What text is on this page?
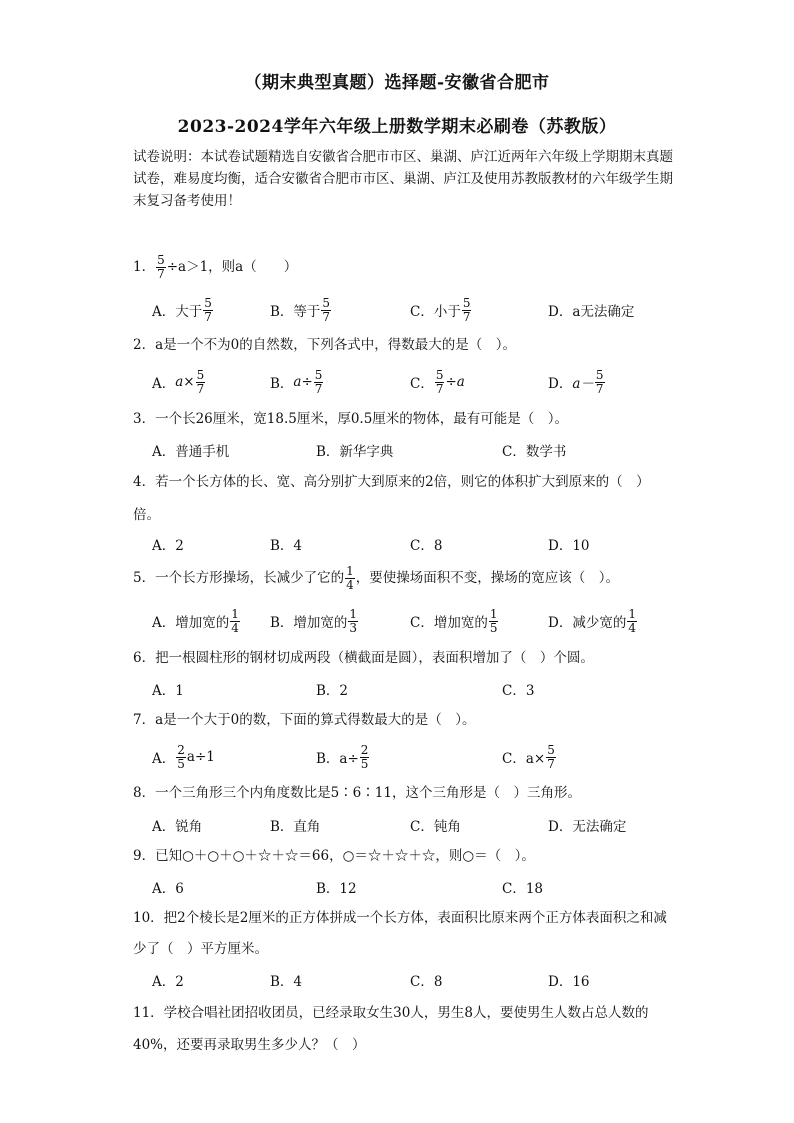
（期末典型真题）选择题-安徽省合肥市
2023-2024学年六年级上册数学期末必刷卷（苏教版）
试卷说明：本试卷试题精选自安徽省合肥市市区、巢湖、庐江近两年六年级上学期期末真题试卷，难易度均衡，适合安徽省合肥市市区、巢湖、庐江及使用苏教版教材的六年级学生期末复习备考使用！
1． $\frac{5}{7} \div a>1$，则a（　　）
A．大于 $\frac{5}{7}$	B．等于 $\frac{5}{7}$	C．小于 $\frac{5}{7}$	D．a无法确定
2．a是一个不为0的自然数，下列各式中，得数最大的是（　）。
A． $a\times \frac{5}{7}$	B． $a\div \frac{5}{7}$	C． $\frac{5}{7} \div a$	D． $a- \frac{5}{7}$
3．一个长26厘米，宽18.5厘米，厚0.5厘米的物体，最有可能是（　）。
A．普通手机	B．新华字典	C．数学书
4．若一个长方体的长、宽、高分别扩大到原来的2倍，则它的体积扩大到原来的（　）倍。
A．2	B．4	C．8	D．10
5．一个长方形操场，长减少了它的 $\frac{1}{4}$ ，要使操场面积不变，操场的宽应该（　）。
A．增加宽的 $\frac{1}{4}$ B．增加宽的 $\frac{1}{3}$	C．增加宽的 $\frac{1}{5}$	D．减少宽的 $\frac{1}{4}$
6．把一根圆柱形的钢材切成两段（横截面是圆），表面积增加了（　）个圆。
A．1	B．2	C．3
7．a是一个大于0的数，下面的算式得数最大的是（　）。
A． $\frac{2}{5} a\div 1$	B．$a\div \frac{2}{5}$	C．$a\times \frac{5}{7}$
8．一个三角形三个内角度数比是5∶6∶11，这个三角形是（　）三角形。
A．锐角	B．直角	C．钝角	D．无法确定
9．已知○＋○＋○＋☆＋☆＝66，○＝☆＋☆＋☆，则○＝（　）。
A．6	B．12	C．18
10．把2个棱长是2厘米的正方体拼成一个长方体，表面积比原来两个正方体表面积之和减少了（　）平方厘米。
A．2	B．4	C．8	D．16
11．学校合唱社团招收团员，已经录取女生30人，男生8人，要使男生人数占总人数的40%，还要再录取男生多少人？（　）
